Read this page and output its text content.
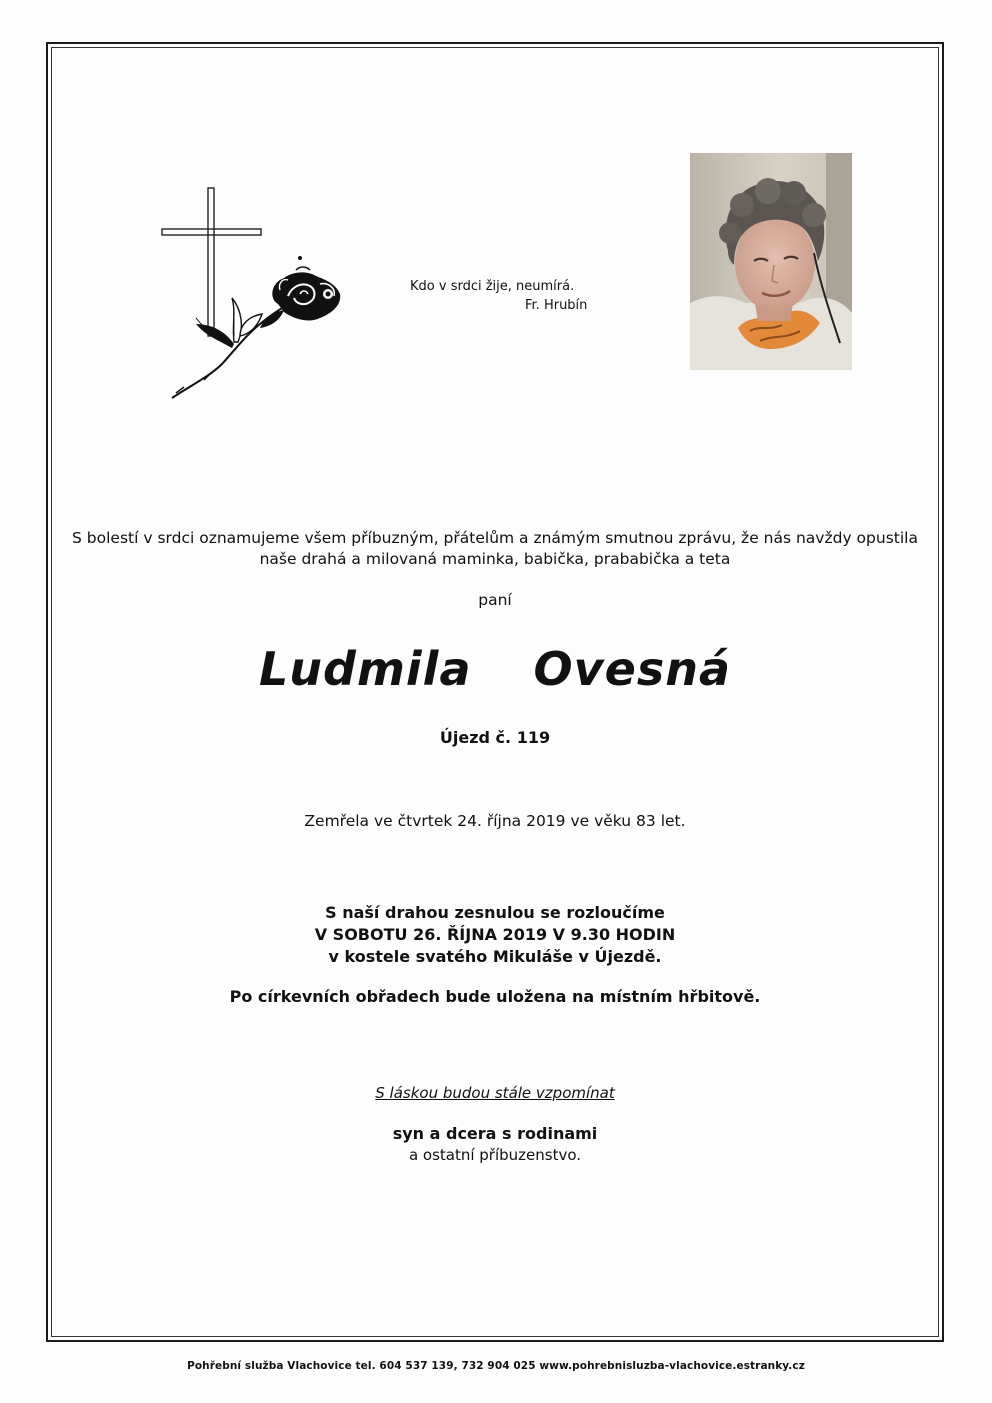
Kdo v srdci žije, neumírá.
Fr. Hrubín
S bolestí v srdci oznamujeme všem příbuzným, přátelům a známým smutnou zprávu, že nás navždy opustila
naše drahá a milovaná maminka, babička, prababička a teta
paní
Ludmila  Ovesná
Újezd č. 119
Zemřela ve čtvrtek 24. října 2019 ve věku 83 let.
S naší drahou zesnulou se rozloučíme
V SOBOTU 26. ŘÍJNA 2019 V 9.30 HODIN
v kostele svatého Mikuláše v Újezdě.
Po církevních obřadech bude uložena na místním hřbitově.
S láskou budou stále vzpomínat
syn a dcera s rodinami
a ostatní příbuzenstvo.
Pohřební služba Vlachovice tel. 604 537 139, 732 904 025 www.pohrebnisluzba-vlachovice.estranky.cz
